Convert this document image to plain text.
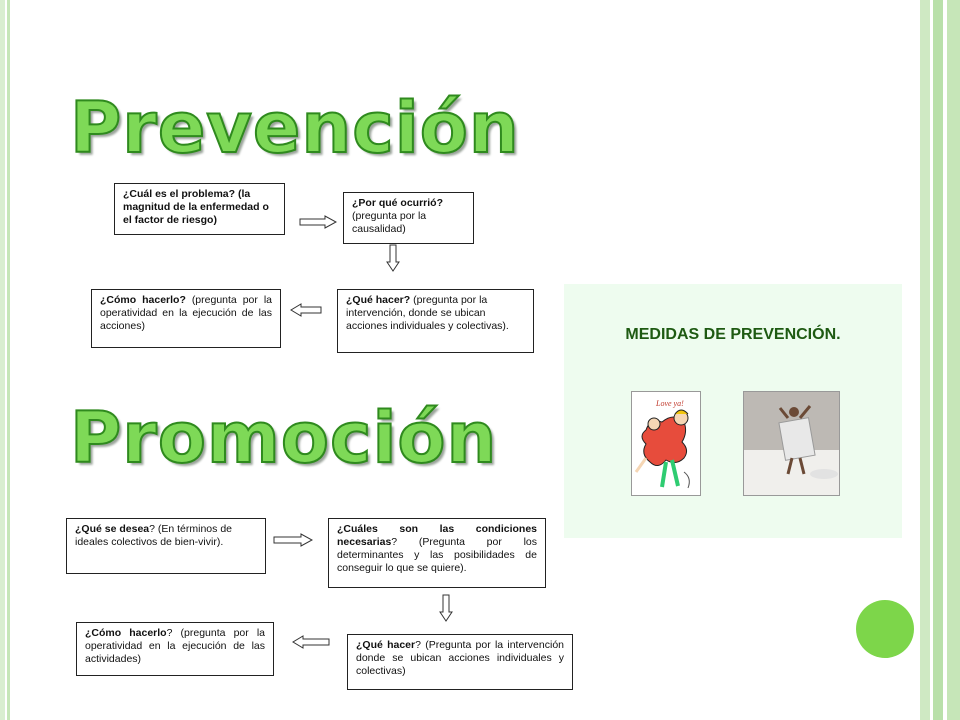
Prevención
¿Cuál es el problema? (la magnitud de la enfermedad o el factor de riesgo)
¿Por qué ocurrió? (pregunta por la causalidad)
¿Qué hacer? (pregunta por la intervención, donde se ubican acciones individuales y colectivas).
¿Cómo hacerlo? (pregunta por la operatividad en la ejecución de las acciones)
Promoción
¿Qué se desea? (En términos de ideales colectivos de bien-vivir).
¿Cuáles son las condiciones necesarias? (Pregunta por los determinantes y las posibilidades de conseguir lo que se quiere).
¿Qué hacer? (Pregunta por la intervención donde se ubican acciones individuales y colectivas)
¿Cómo hacerlo? (pregunta por la operatividad en la ejecución de las actividades)

MEDIDAS DE PREVENCIÓN.

Love ya!
